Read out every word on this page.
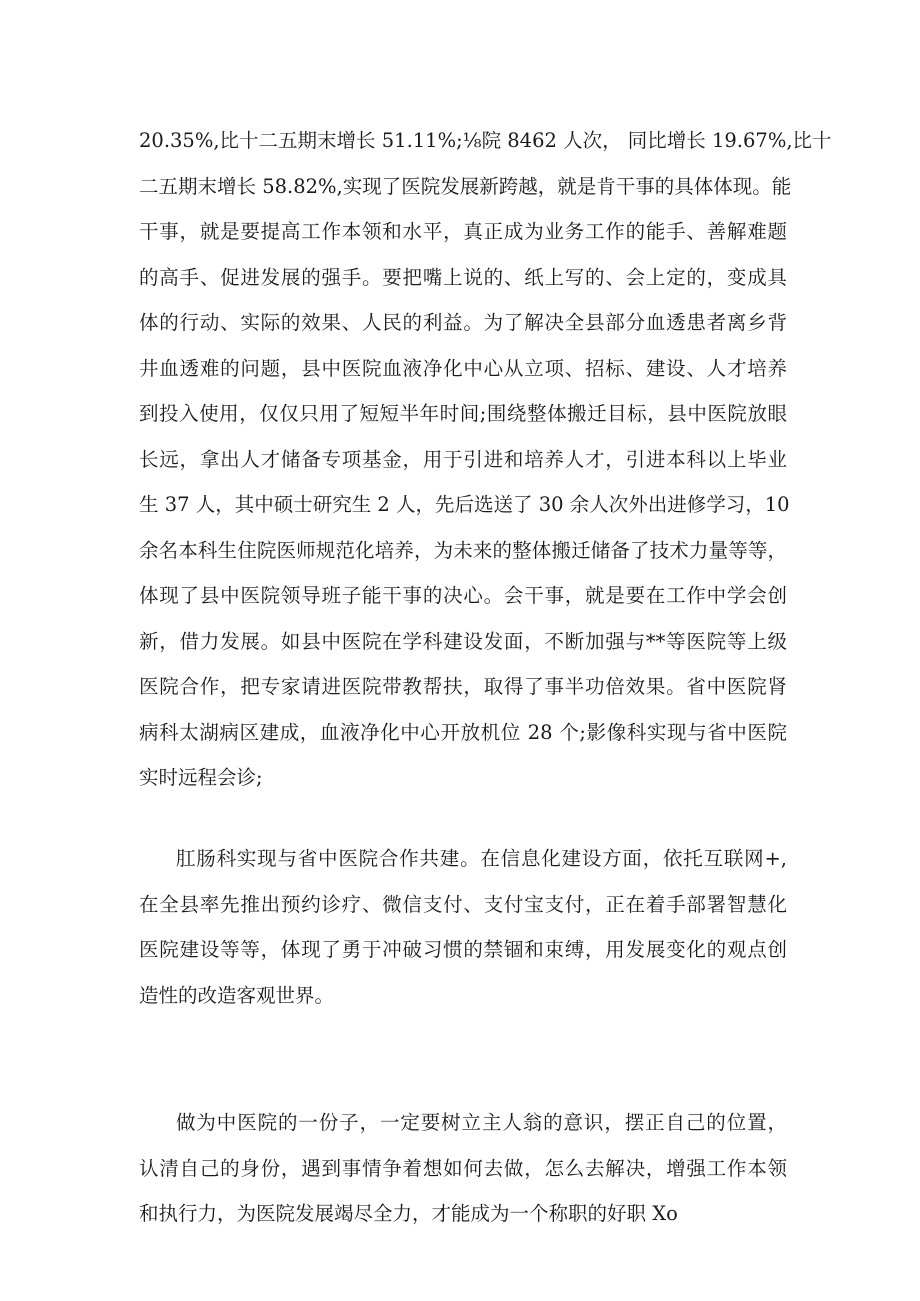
20.35%,比十二五期末增长 51.11%;⅛院 8462 人次， 同比增长 19.67%,比十
二五期末增长 58.82%,实现了医院发展新跨越，就是肯干事的具体体现。能
干事，就是要提高工作本领和水平，真正成为业务工作的能手、善解难题
的高手、促进发展的强手。要把嘴上说的、纸上写的、会上定的，变成具
体的行动、实际的效果、人民的利益。为了解决全县部分血透患者离乡背
井血透难的问题，县中医院血液净化中心从立项、招标、建设、人才培养
到投入使用，仅仅只用了短短半年时间;围绕整体搬迁目标，县中医院放眼
长远，拿出人才储备专项基金，用于引进和培养人才，引进本科以上毕业
生 37 人，其中硕士研究生 2 人，先后选送了 30 余人次外出进修学习，10
余名本科生住院医师规范化培养，为未来的整体搬迁储备了技术力量等等，
体现了县中医院领导班子能干事的决心。会干事，就是要在工作中学会创
新，借力发展。如县中医院在学科建设发面，不断加强与**等医院等上级
医院合作，把专家请进医院带教帮扶，取得了事半功倍效果。省中医院肾
病科太湖病区建成，血液净化中心开放机位 28 个;影像科实现与省中医院
实时远程会诊;
肛肠科实现与省中医院合作共建。在信息化建设方面，依托互联网+,
在全县率先推出预约诊疗、微信支付、支付宝支付，正在着手部署智慧化
医院建设等等，体现了勇于冲破习惯的禁锢和束缚，用发展变化的观点创
造性的改造客观世界。
做为中医院的一份子，一定要树立主人翁的意识，摆正自己的位置，
认清自己的身份，遇到事情争着想如何去做，怎么去解决，增强工作本领
和执行力，为医院发展竭尽全力，才能成为一个称职的好职 Xo
